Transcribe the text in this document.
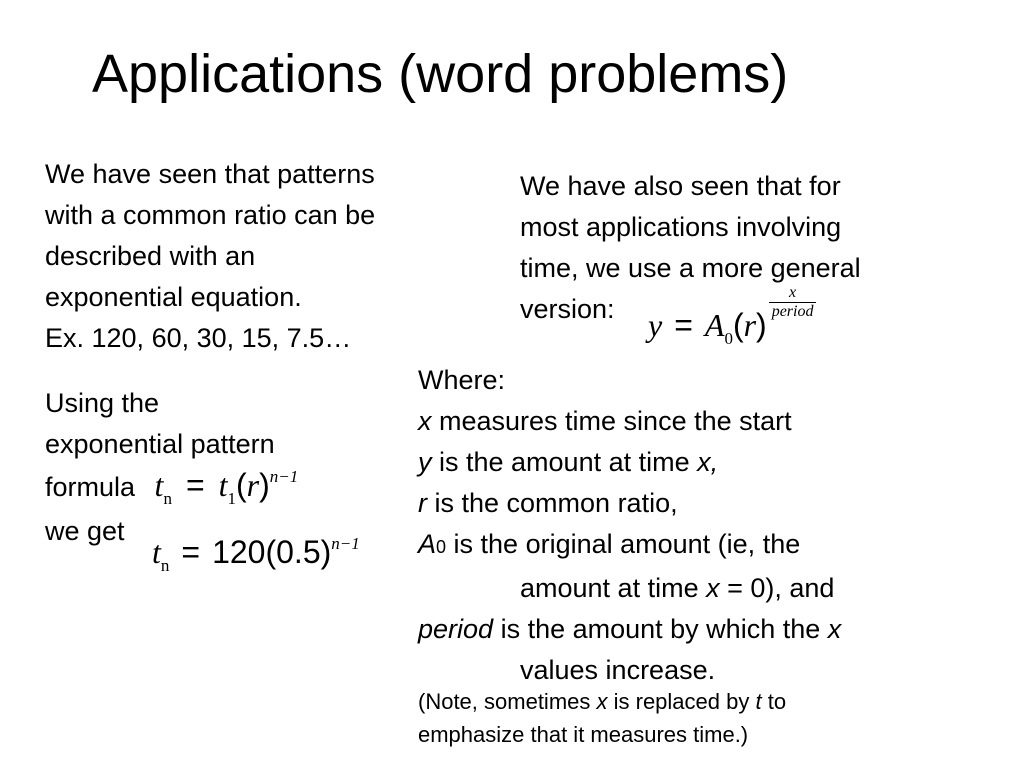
Applications (word problems)
We have seen that patterns
with a common ratio can be
described with an
exponential equation.
Ex. 120, 60, 30, 15, 7.5…
Using the
exponential pattern
formula $t_n = t_1(r)^{n-1}$
we get
$t_n = 120(0.5)^{n-1}$
We have also seen that for
most applications involving
time, we use a more general
version:	$y = A_0(r)$
$\frac{x}{\text{period}}$
Where:
x measures time since the start
y is the amount at time x,
r is the common ratio,
A0 is the original amount (ie, the
amount at time x = 0), and
period is the amount by which the x
values increase.
(Note, sometimes x is replaced by t to
emphasize that it measures time.)
